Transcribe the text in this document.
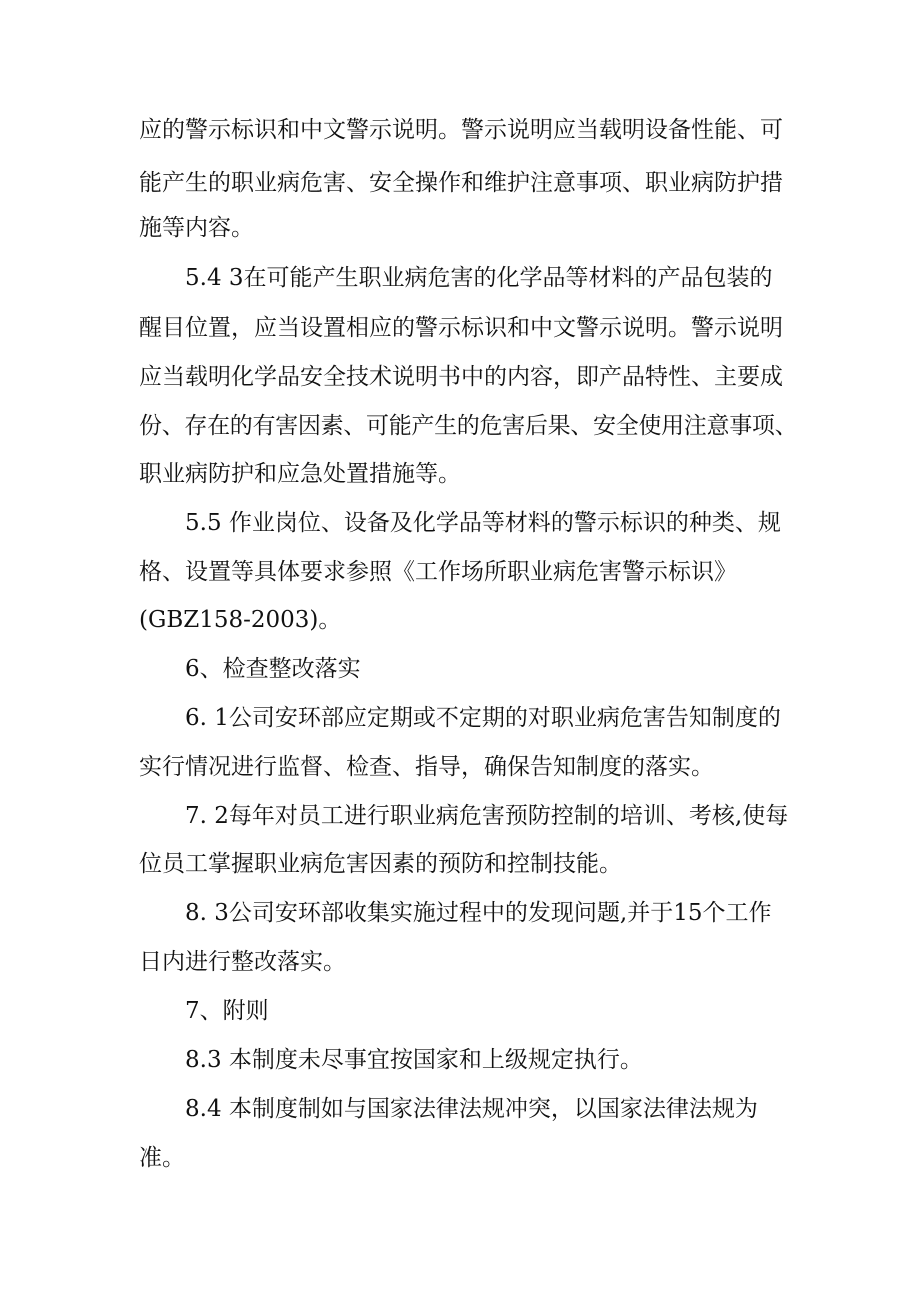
应的警示标识和中文警示说明。警示说明应当载明设备性能、可

能产生的职业病危害、安全操作和维护注意事项、职业病防护措

施等内容。

5.4 3在可能产生职业病危害的化学品等材料的产品包装的

醒目位置，应当设置相应的警示标识和中文警示说明。警示说明

应当载明化学品安全技术说明书中的内容，即产品特性、主要成

份、存在的有害因素、可能产生的危害后果、安全使用注意事项、

职业病防护和应急处置措施等。

5.5 作业岗位、设备及化学品等材料的警示标识的种类、规

格、设置等具体要求参照《工作场所职业病危害警示标识》

(GBZ158-2003)。

6、检查整改落实

6. 1公司安环部应定期或不定期的对职业病危害告知制度的

实行情况进行监督、检查、指导，确保告知制度的落实。

7. 2每年对员工进行职业病危害预防控制的培训、考核,使每

位员工掌握职业病危害因素的预防和控制技能。

8. 3公司安环部收集实施过程中的发现问题,并于15个工作

日内进行整改落实。

7、附则

8.3 本制度未尽事宜按国家和上级规定执行。

8.4 本制度制如与国家法律法规冲突，以国家法律法规为

准。
